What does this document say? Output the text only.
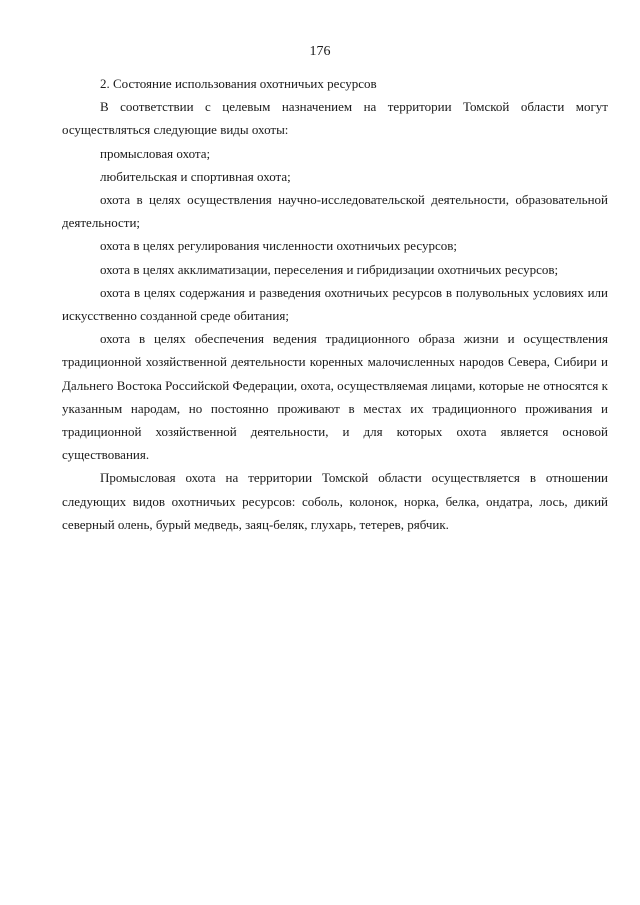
176

2. Состояние использования охотничьих ресурсов

В соответствии с целевым назначением на территории Томской области могут осуществляться следующие виды охоты:

промысловая охота;

любительская и спортивная охота;

охота в целях осуществления научно-исследовательской деятельности, образовательной деятельности;

охота в целях регулирования численности охотничьих ресурсов;

охота в целях акклиматизации, переселения и гибридизации охотничьих ресурсов;

охота в целях содержания и разведения охотничьих ресурсов в полувольных условиях или искусственно созданной среде обитания;

охота в целях обеспечения ведения традиционного образа жизни и осуществления традиционной хозяйственной деятельности коренных малочисленных народов Севера, Сибири и Дальнего Востока Российской Федерации, охота, осуществляемая лицами, которые не относятся к указанным народам, но постоянно проживают в местах их традиционного проживания и традиционной хозяйственной деятельности, и для которых охота является основой существования.

Промысловая охота на территории Томской области осуществляется в отношении следующих видов охотничьих ресурсов: соболь, колонок, норка, белка, ондатра, лось, дикий северный олень, бурый медведь, заяц-беляк, глухарь, тетерев, рябчик.
